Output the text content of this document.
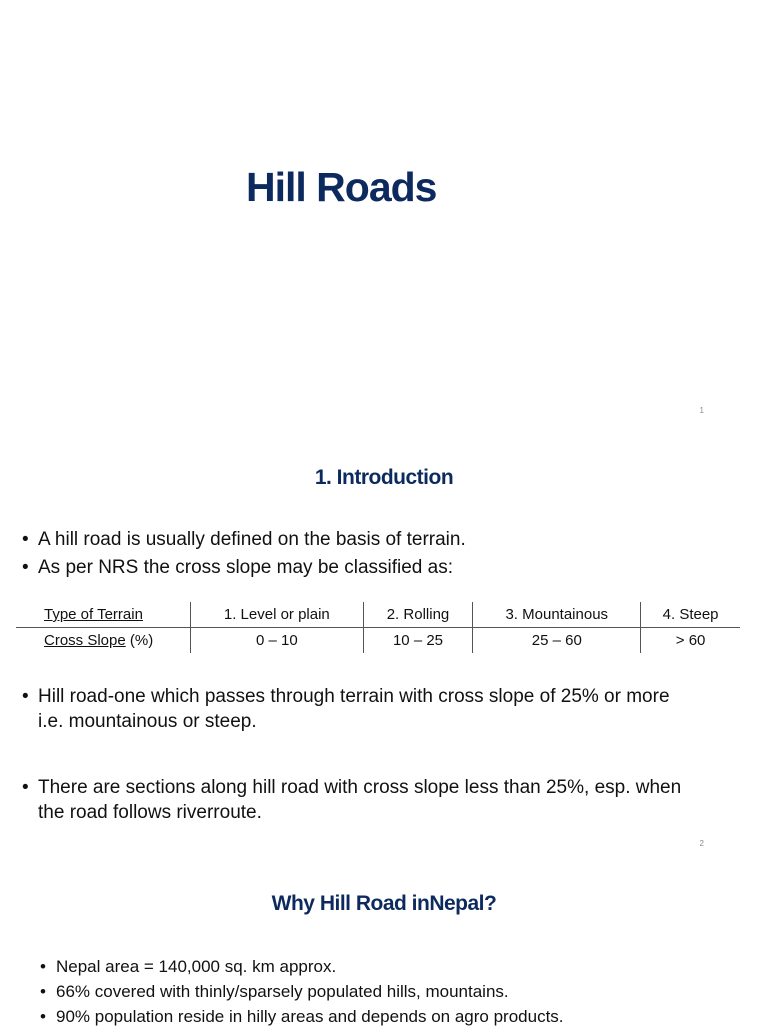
Hill Roads
1
1. Introduction
• A hill road is usually defined on the basis of terrain.
• As per NRS the cross slope may be classified as:
Type of Terrain	1. Level or plain	2. Rolling	3. Mountainous	4. Steep
Cross Slope (%)	0 – 10	10 – 25	25 – 60	> 60
• Hill road-one which passes through terrain with cross slope of 25% or more
i.e. mountainous or steep.
• There are sections along hill road with cross slope less than 25%, esp. when
the road follows riverroute.
2
Why Hill Road inNepal?
• Nepal area = 140,000 sq. km approx.
• 66% covered with thinly/sparsely populated hills, mountains.
• 90% population reside in hilly areas and depends on agro products.
